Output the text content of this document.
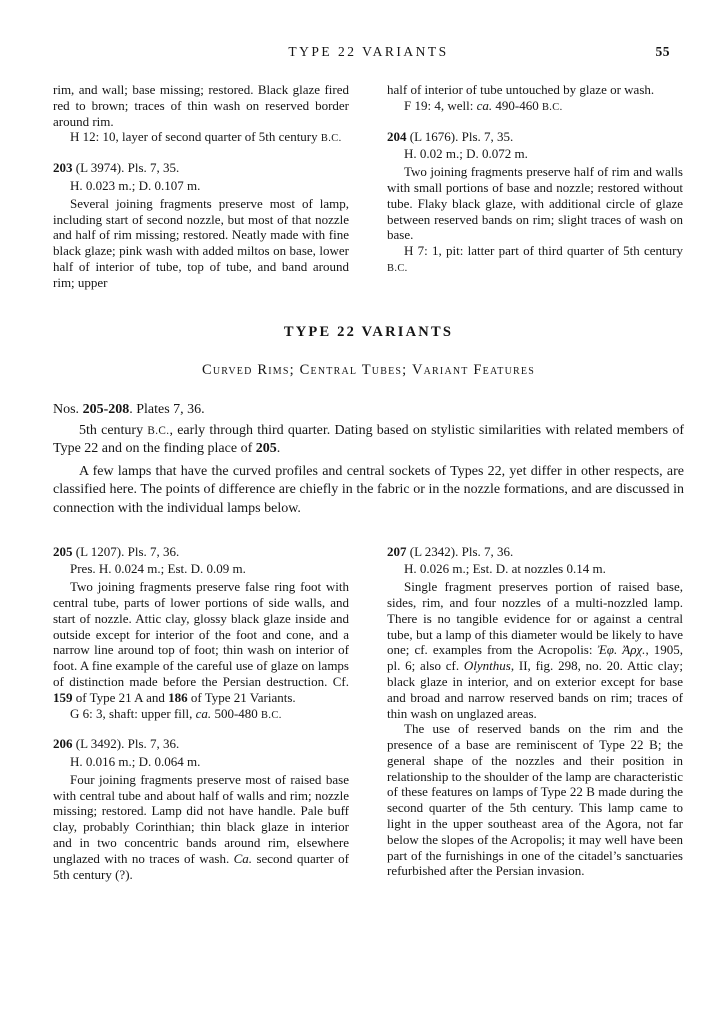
TYPE 22 VARIANTS	55

rim, and wall; base missing; restored. Black glaze fired red to brown; traces of thin wash on reserved border around rim.

H 12: 10, layer of second quarter of 5th century B.C.

203 (L 3974). Pls. 7, 35.

H. 0.023 m.; D. 0.107 m.

Several joining fragments preserve most of lamp, including start of second nozzle, but most of that nozzle and half of rim missing; restored. Neatly made with fine black glaze; pink wash with added miltos on base, lower half of interior of tube, top of tube, and band around rim; upper

half of interior of tube untouched by glaze or wash.

F 19: 4, well: ca. 490-460 B.C.

204 (L 1676). Pls. 7, 35.

H. 0.02 m.; D. 0.072 m.

Two joining fragments preserve half of rim and walls with small portions of base and nozzle; restored without tube. Flaky black glaze, with additional circle of glaze between reserved bands on rim; slight traces of wash on base.

H 7: 1, pit: latter part of third quarter of 5th century B.C.

TYPE 22 VARIANTS
Curved Rims; Central Tubes; Variant Features
Nos. 205-208. Plates 7, 36.

5th century B.C., early through third quarter. Dating based on stylistic similarities with related members of Type 22 and on the finding place of 205.

A few lamps that have the curved profiles and central sockets of Types 22, yet differ in other respects, are classified here. The points of difference are chiefly in the fabric or in the nozzle formations, and are discussed in connection with the individual lamps below.

205 (L 1207). Pls. 7, 36.

Pres. H. 0.024 m.; Est. D. 0.09 m.

Two joining fragments preserve false ring foot with central tube, parts of lower portions of side walls, and start of nozzle. Attic clay, glossy black glaze inside and outside except for interior of the foot and cone, and a narrow line around top of foot; thin wash on interior of foot. A fine example of the careful use of glaze on lamps of distinction made before the Persian destruction. Cf. 159 of Type 21 A and 186 of Type 21 Variants.

G 6: 3, shaft: upper fill, ca. 500-480 B.C.

206 (L 3492). Pls. 7, 36.

H. 0.016 m.; D. 0.064 m.

Four joining fragments preserve most of raised base with central tube and about half of walls and rim; nozzle missing; restored. Lamp did not have handle. Pale buff clay, probably Corinthian; thin black glaze in interior and in two concentric bands around rim, elsewhere unglazed with no traces of wash. Ca. second quarter of 5th century (?).

207 (L 2342). Pls. 7, 36.

H. 0.026 m.; Est. D. at nozzles 0.14 m.

Single fragment preserves portion of raised base, sides, rim, and four nozzles of a multi-nozzled lamp. There is no tangible evidence for or against a central tube, but a lamp of this diameter would be likely to have one; cf. examples from the Acropolis: Ἐφ. Ἀρχ., 1905, pl. 6; also cf. Olynthus, II, fig. 298, no. 20. Attic clay; black glaze in interior, and on exterior except for base and broad and narrow reserved bands on rim; traces of thin wash on unglazed areas.

The use of reserved bands on the rim and the presence of a base are reminiscent of Type 22 B; the general shape of the nozzles and their position in relationship to the shoulder of the lamp are characteristic of these features on lamps of Type 22 B made during the second quarter of the 5th century. This lamp came to light in the upper southeast area of the Agora, not far below the slopes of the Acropolis; it may well have been part of the furnishings in one of the citadel’s sanctuaries refurbished after the Persian invasion.
